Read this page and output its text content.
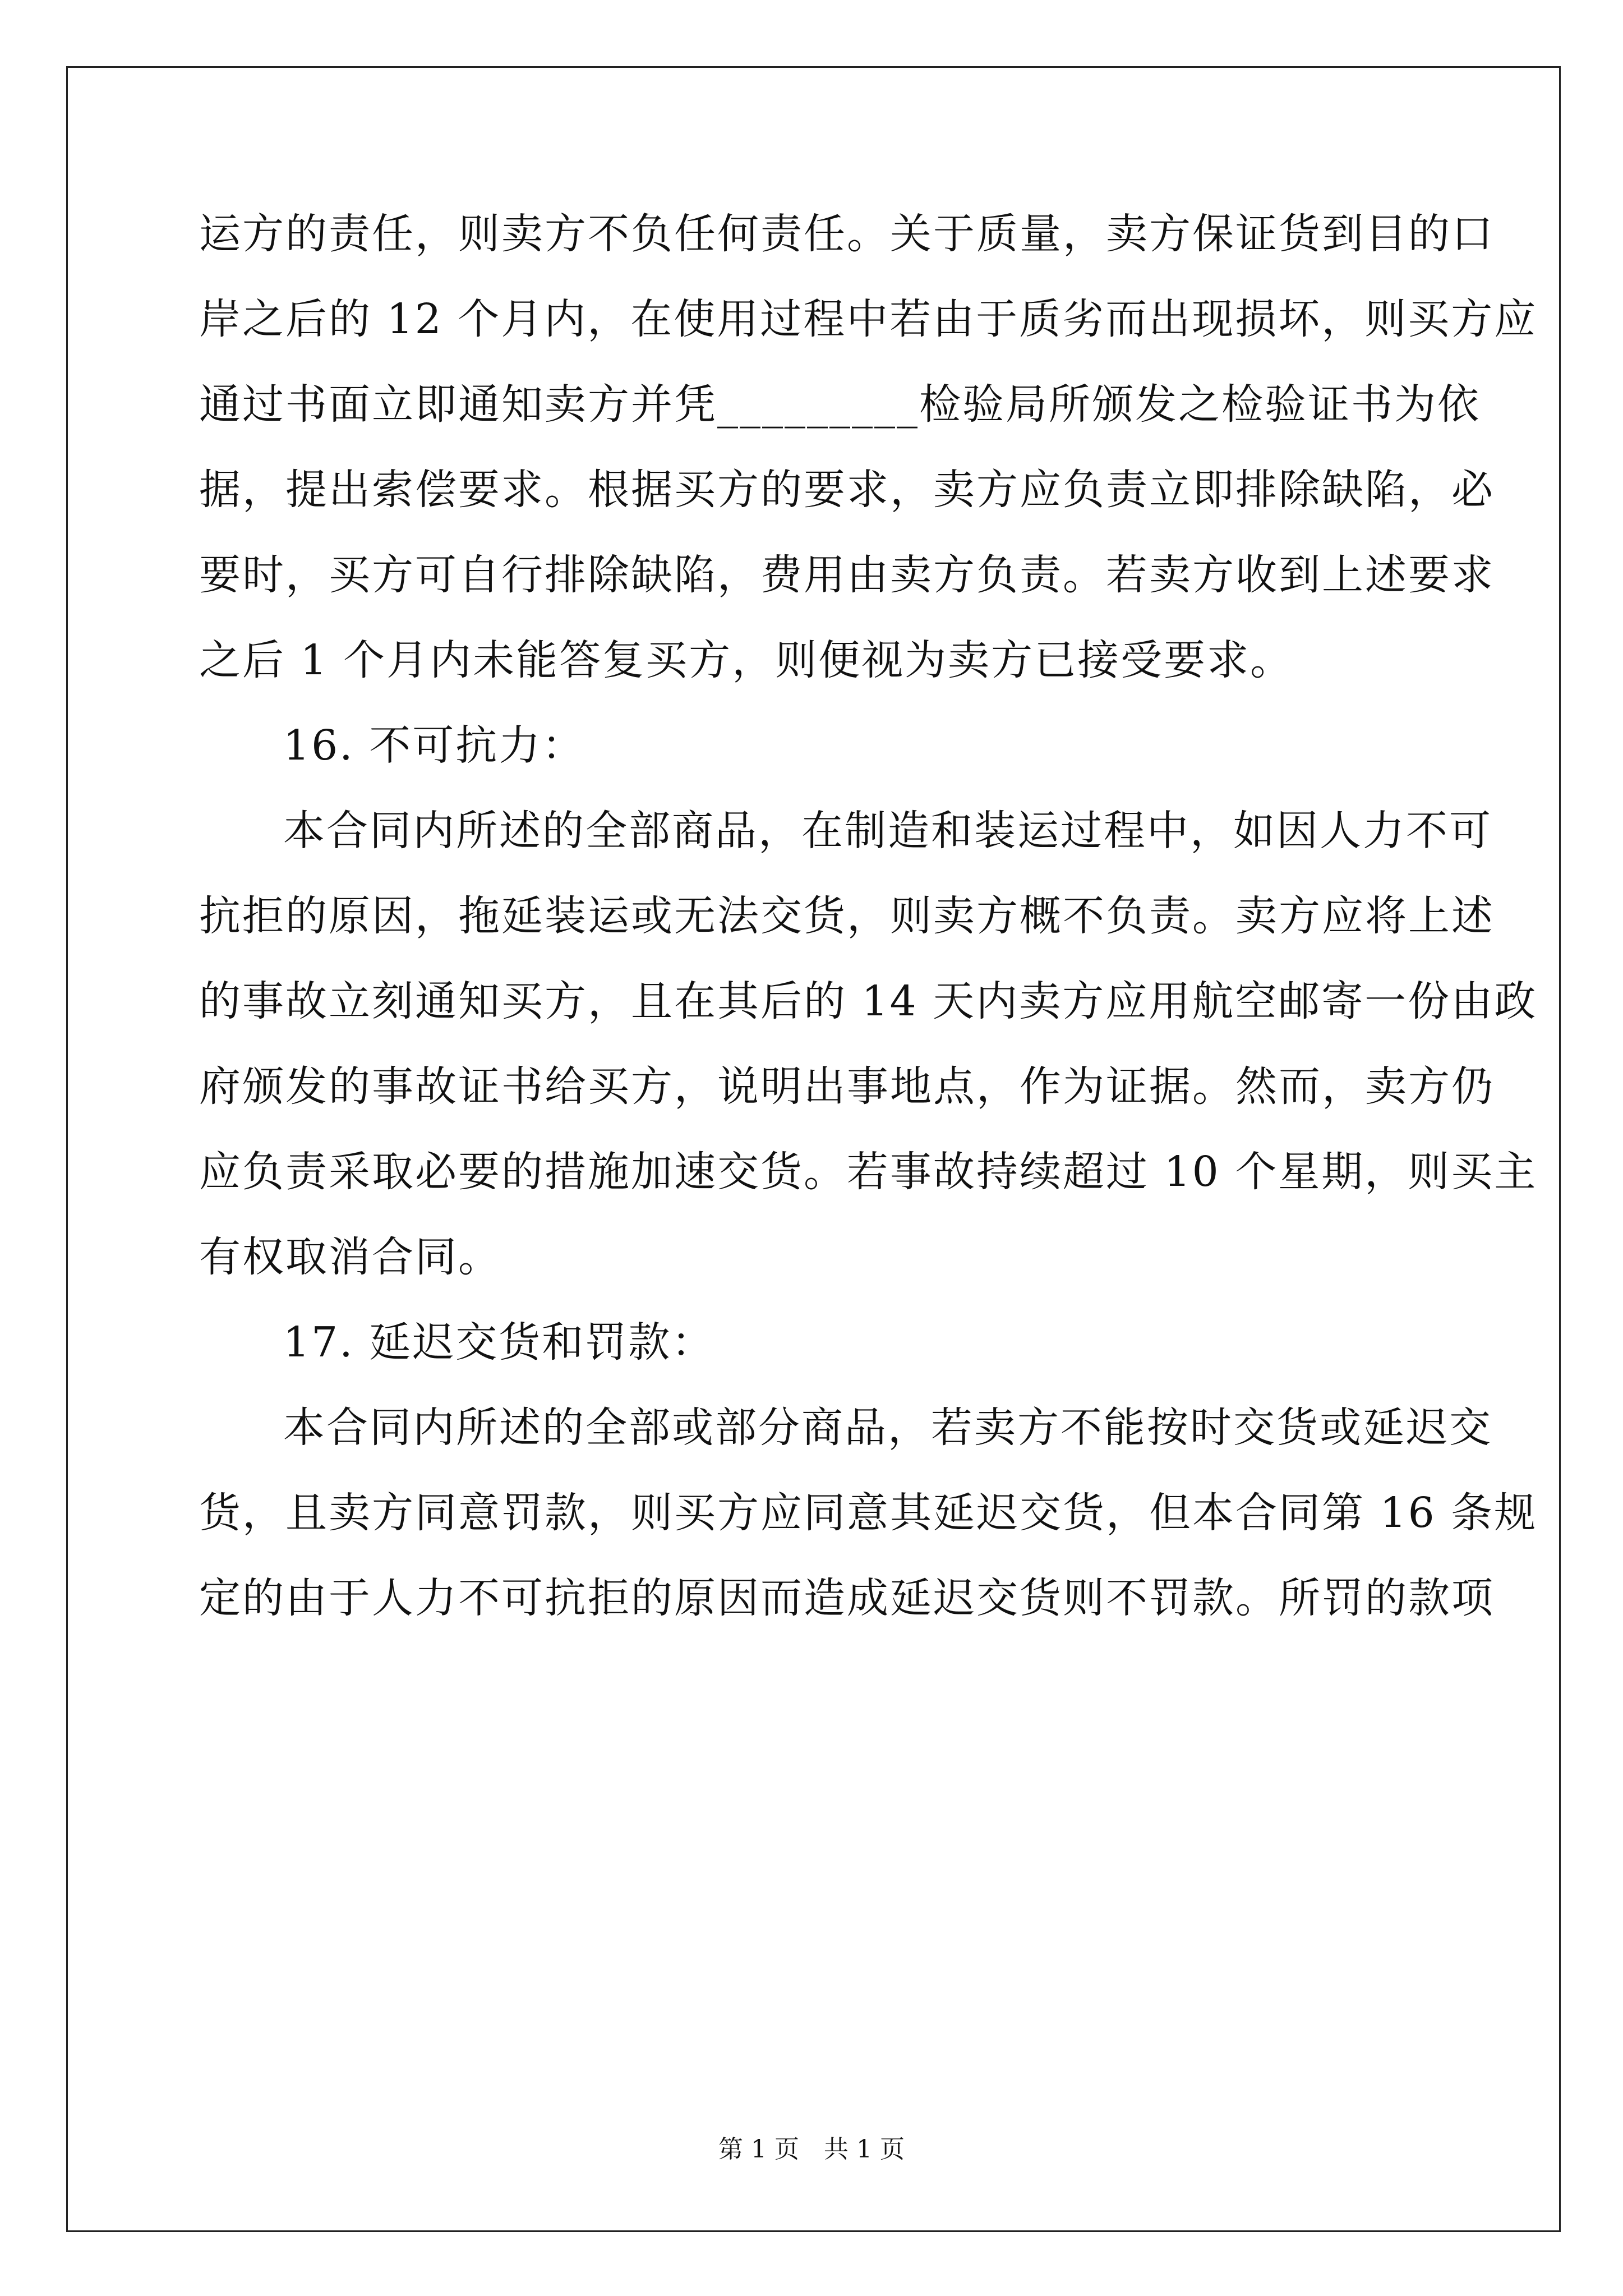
运方的责任，则卖方不负任何责任。关于质量，卖方保证货到目的口

岸之后的 12 个月内，在使用过程中若由于质劣而出现损坏，则买方应

通过书面立即通知卖方并凭_________检验局所颁发之检验证书为依

据，提出索偿要求。根据买方的要求，卖方应负责立即排除缺陷，必

要时，买方可自行排除缺陷，费用由卖方负责。若卖方收到上述要求

之后 1 个月内未能答复买方，则便视为卖方已接受要求。

16. 不可抗力：

本合同内所述的全部商品，在制造和装运过程中，如因人力不可

抗拒的原因，拖延装运或无法交货，则卖方概不负责。卖方应将上述

的事故立刻通知买方，且在其后的 14 天内卖方应用航空邮寄一份由政

府颁发的事故证书给买方，说明出事地点，作为证据。然而，卖方仍

应负责采取必要的措施加速交货。若事故持续超过 10 个星期，则买主

有权取消合同。

17. 延迟交货和罚款：

本合同内所述的全部或部分商品，若卖方不能按时交货或延迟交

货，且卖方同意罚款，则买方应同意其延迟交货，但本合同第 16 条规

定的由于人力不可抗拒的原因而造成延迟交货则不罚款。所罚的款项

第 1 页　共 1 页
